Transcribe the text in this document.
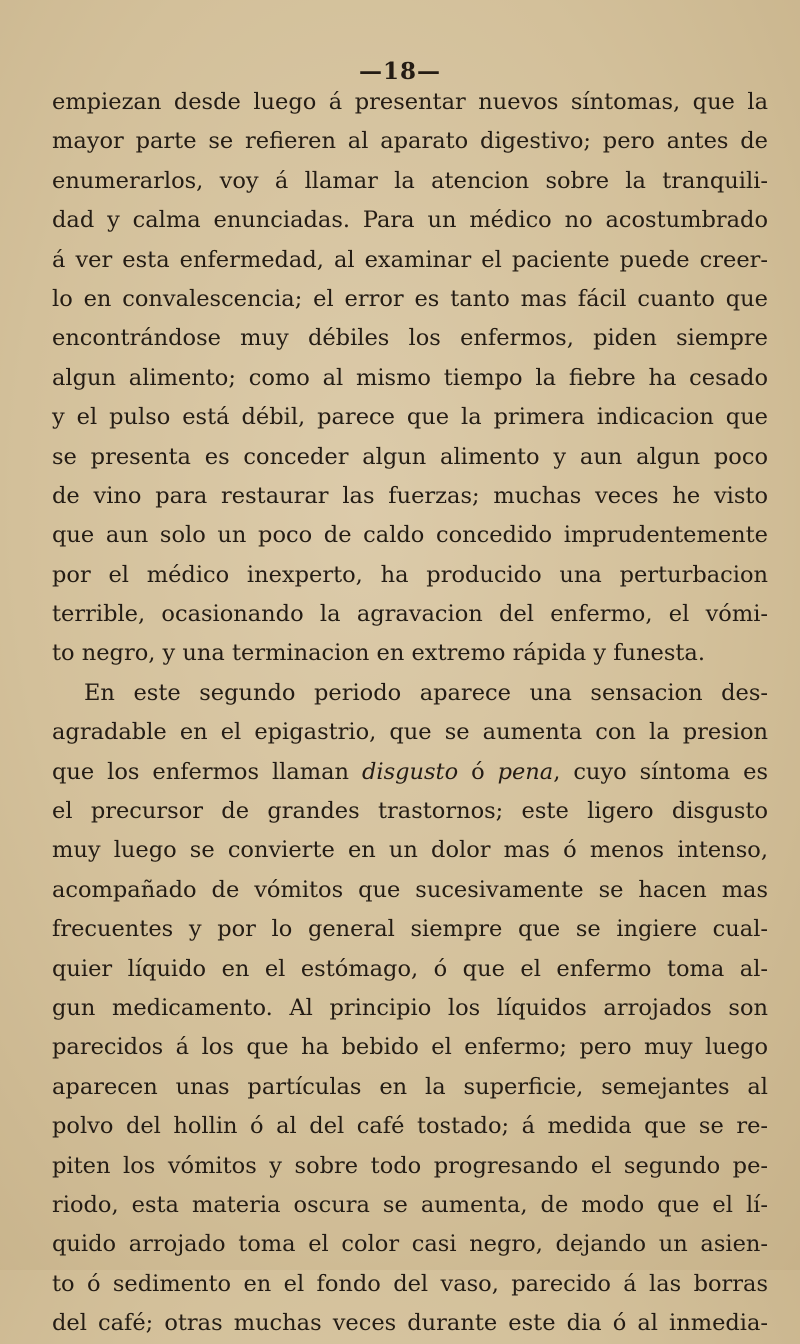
—18—
empiezan desde luego á presentar nuevos síntomas, que la
mayor parte se refieren al aparato digestivo; pero antes de
enumerarlos, voy á llamar la atencion sobre la tranquili-
dad y calma enunciadas. Para un médico no acostumbrado
á ver esta enfermedad, al examinar el paciente puede creer-
lo en convalescencia; el error es tanto mas fácil cuanto que
encontrándose muy débiles los enfermos, piden siempre
algun alimento; como al mismo tiempo la fiebre ha cesado
y el pulso está débil, parece que la primera indicacion que
se presenta es conceder algun alimento y aun algun poco
de vino para restaurar las fuerzas; muchas veces he visto
que aun solo un poco de caldo concedido imprudentemente
por el médico inexperto, ha producido una perturbacion
terrible, ocasionando la agravacion del enfermo, el vómi-
to negro, y una terminacion en extremo rápida y funesta.
En este segundo periodo aparece una sensacion des-
agradable en el epigastrio, que se aumenta con la presion
que los enfermos llaman disgusto ó pena, cuyo síntoma es
el precursor de grandes trastornos; este ligero disgusto
muy luego se convierte en un dolor mas ó menos intenso,
acompañado de vómitos que sucesivamente se hacen mas
frecuentes y por lo general siempre que se ingiere cual-
quier líquido en el estómago, ó que el enfermo toma al-
gun medicamento. Al principio los líquidos arrojados son
parecidos á los que ha bebido el enfermo; pero muy luego
aparecen unas partículas en la superficie, semejantes al
polvo del hollin ó al del café tostado; á medida que se re-
piten los vómitos y sobre todo progresando el segundo pe-
riodo, esta materia oscura se aumenta, de modo que el lí-
quido arrojado toma el color casi negro, dejando un asien-
to ó sedimento en el fondo del vaso, parecido á las borras
del café; otras muchas veces durante este dia ó al inmedia-
